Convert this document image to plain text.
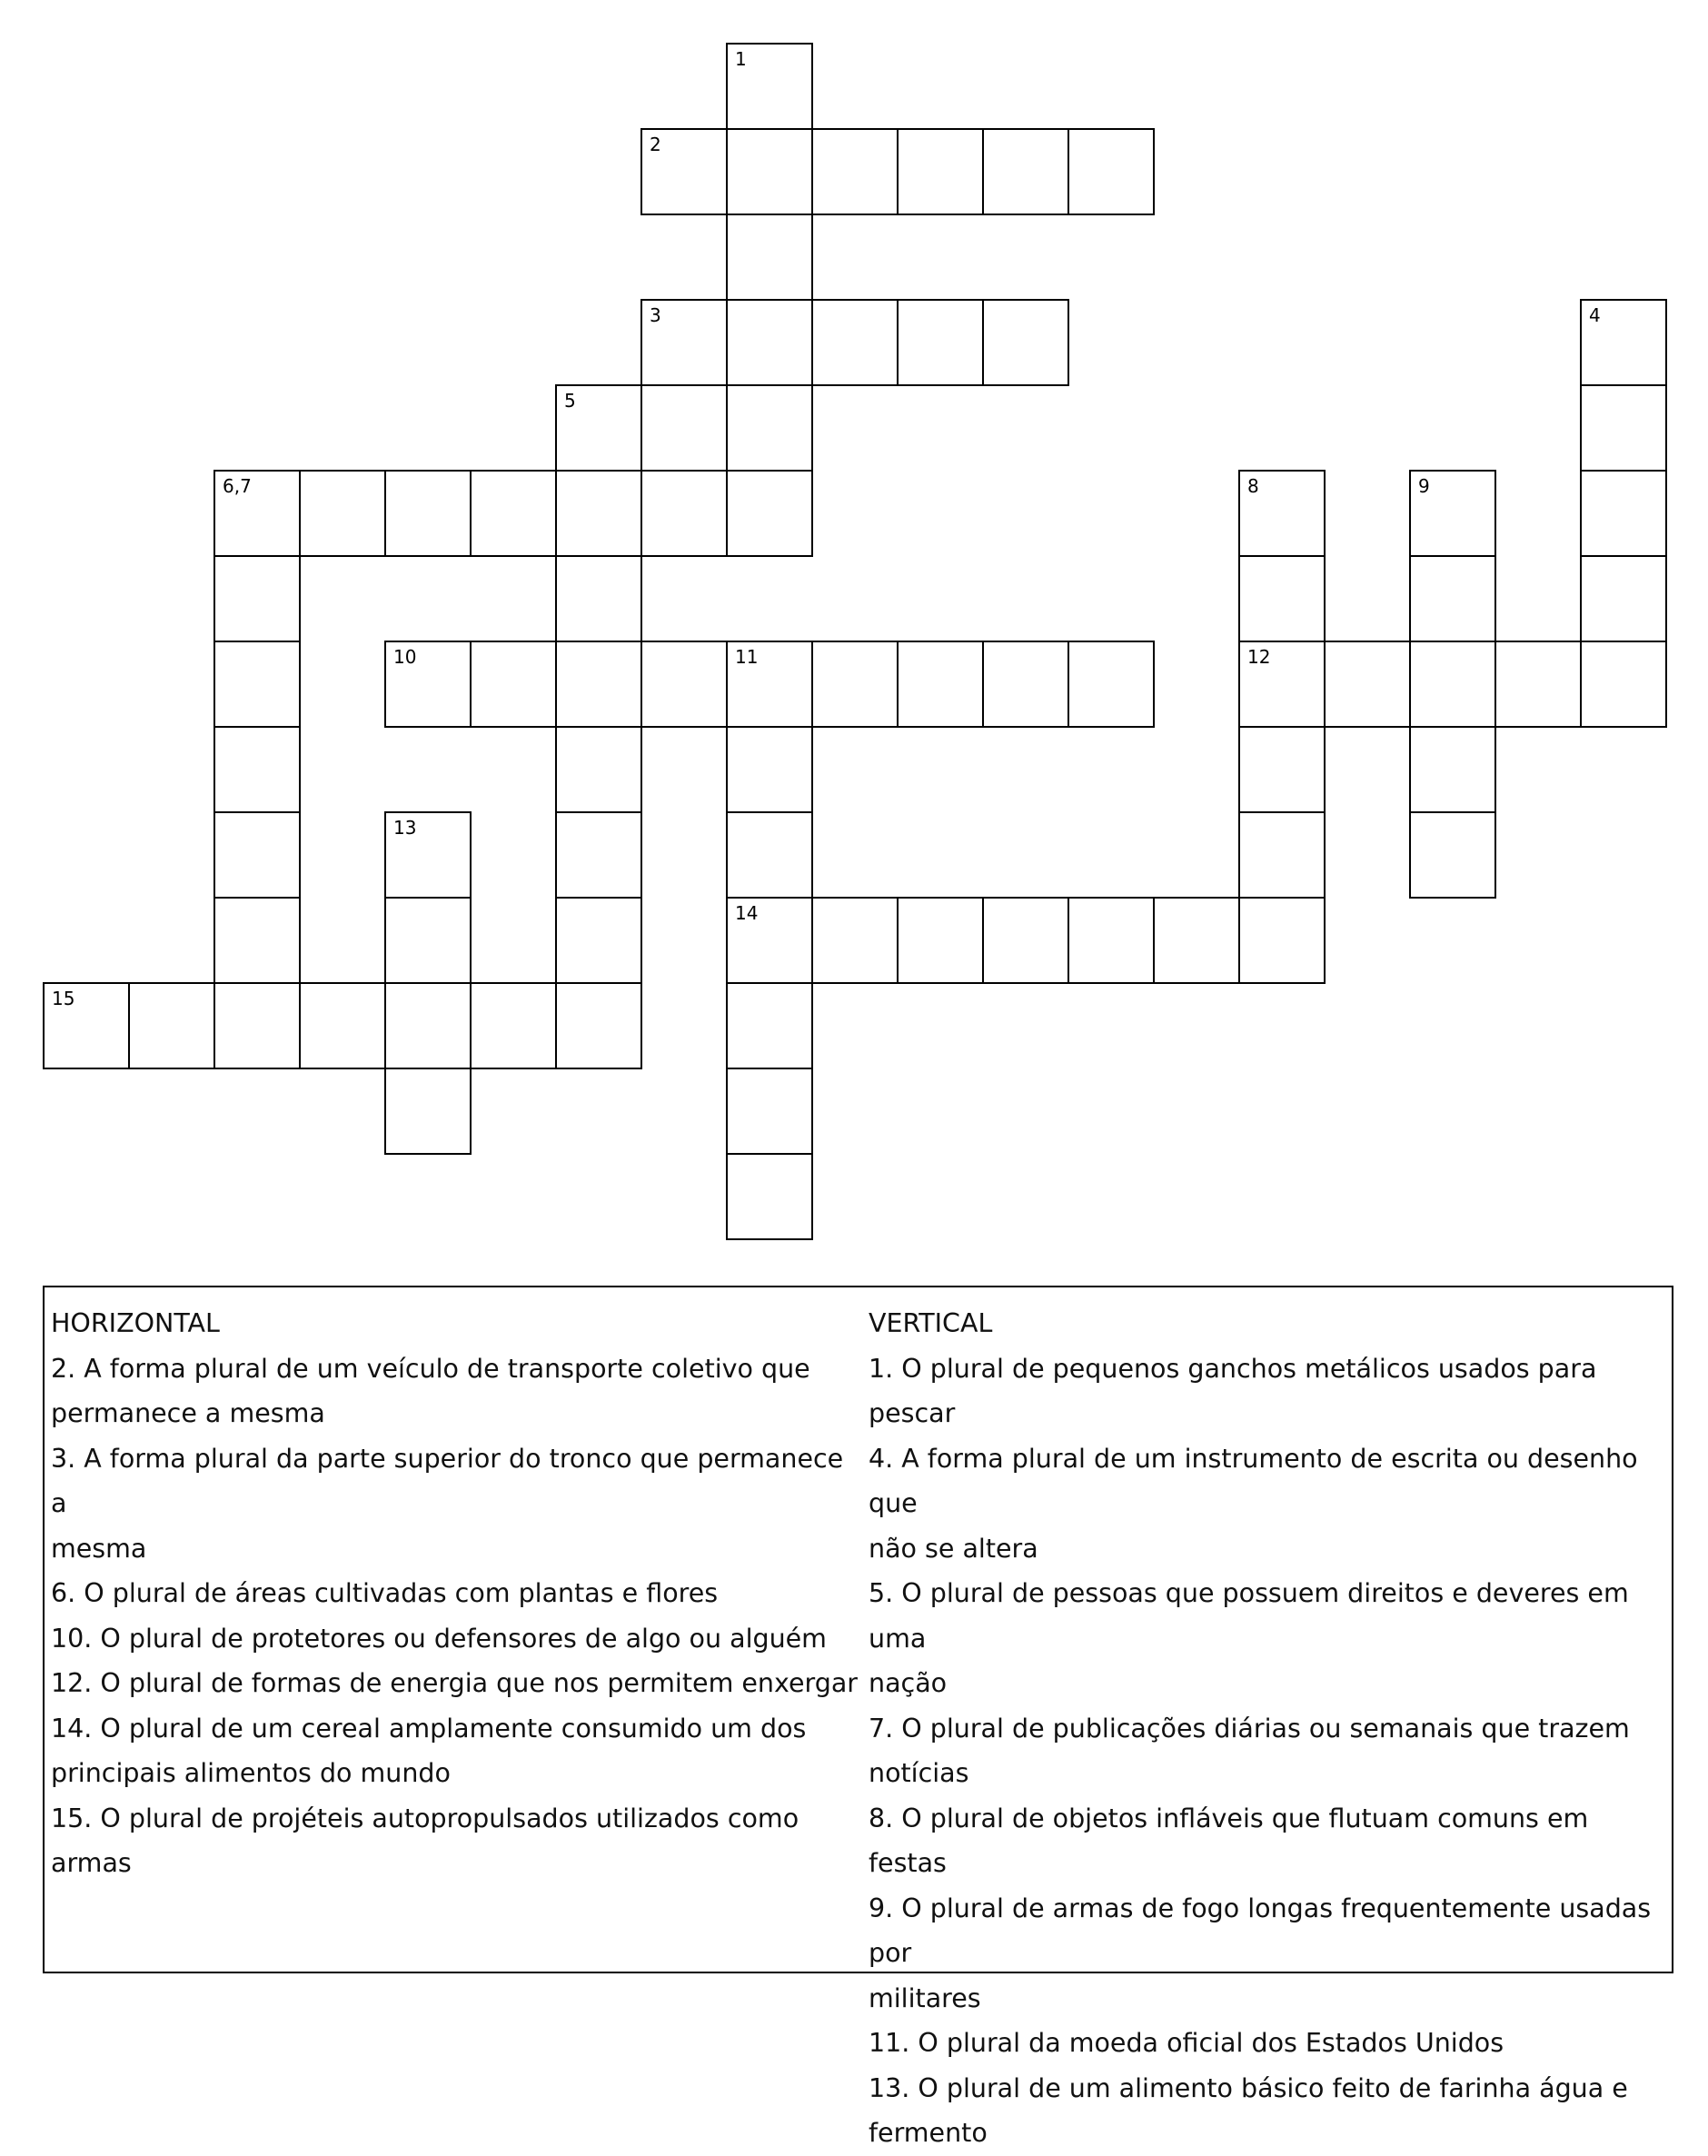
1
2
3	4
5
6,7	8	9
10	11	12
13
14
15

HORIZONTAL

2. A forma plural de um veículo de transporte coletivo que

permanece a mesma

3. A forma plural da parte superior do tronco que permanece a

mesma

6. O plural de áreas cultivadas com plantas e flores

10. O plural de protetores ou defensores de algo ou alguém

12. O plural de formas de energia que nos permitem enxergar

14. O plural de um cereal amplamente consumido um dos

principais alimentos do mundo

15. O plural de projéteis autopropulsados utilizados como armas

VERTICAL

1. O plural de pequenos ganchos metálicos usados para pescar

4. A forma plural de um instrumento de escrita ou desenho que

não se altera

5. O plural de pessoas que possuem direitos e deveres em uma

nação

7. O plural de publicações diárias ou semanais que trazem

notícias

8. O plural de objetos infláveis que flutuam comuns em festas

9. O plural de armas de fogo longas frequentemente usadas por

militares

11. O plural da moeda oficial dos Estados Unidos

13. O plural de um alimento básico feito de farinha água e

fermento
